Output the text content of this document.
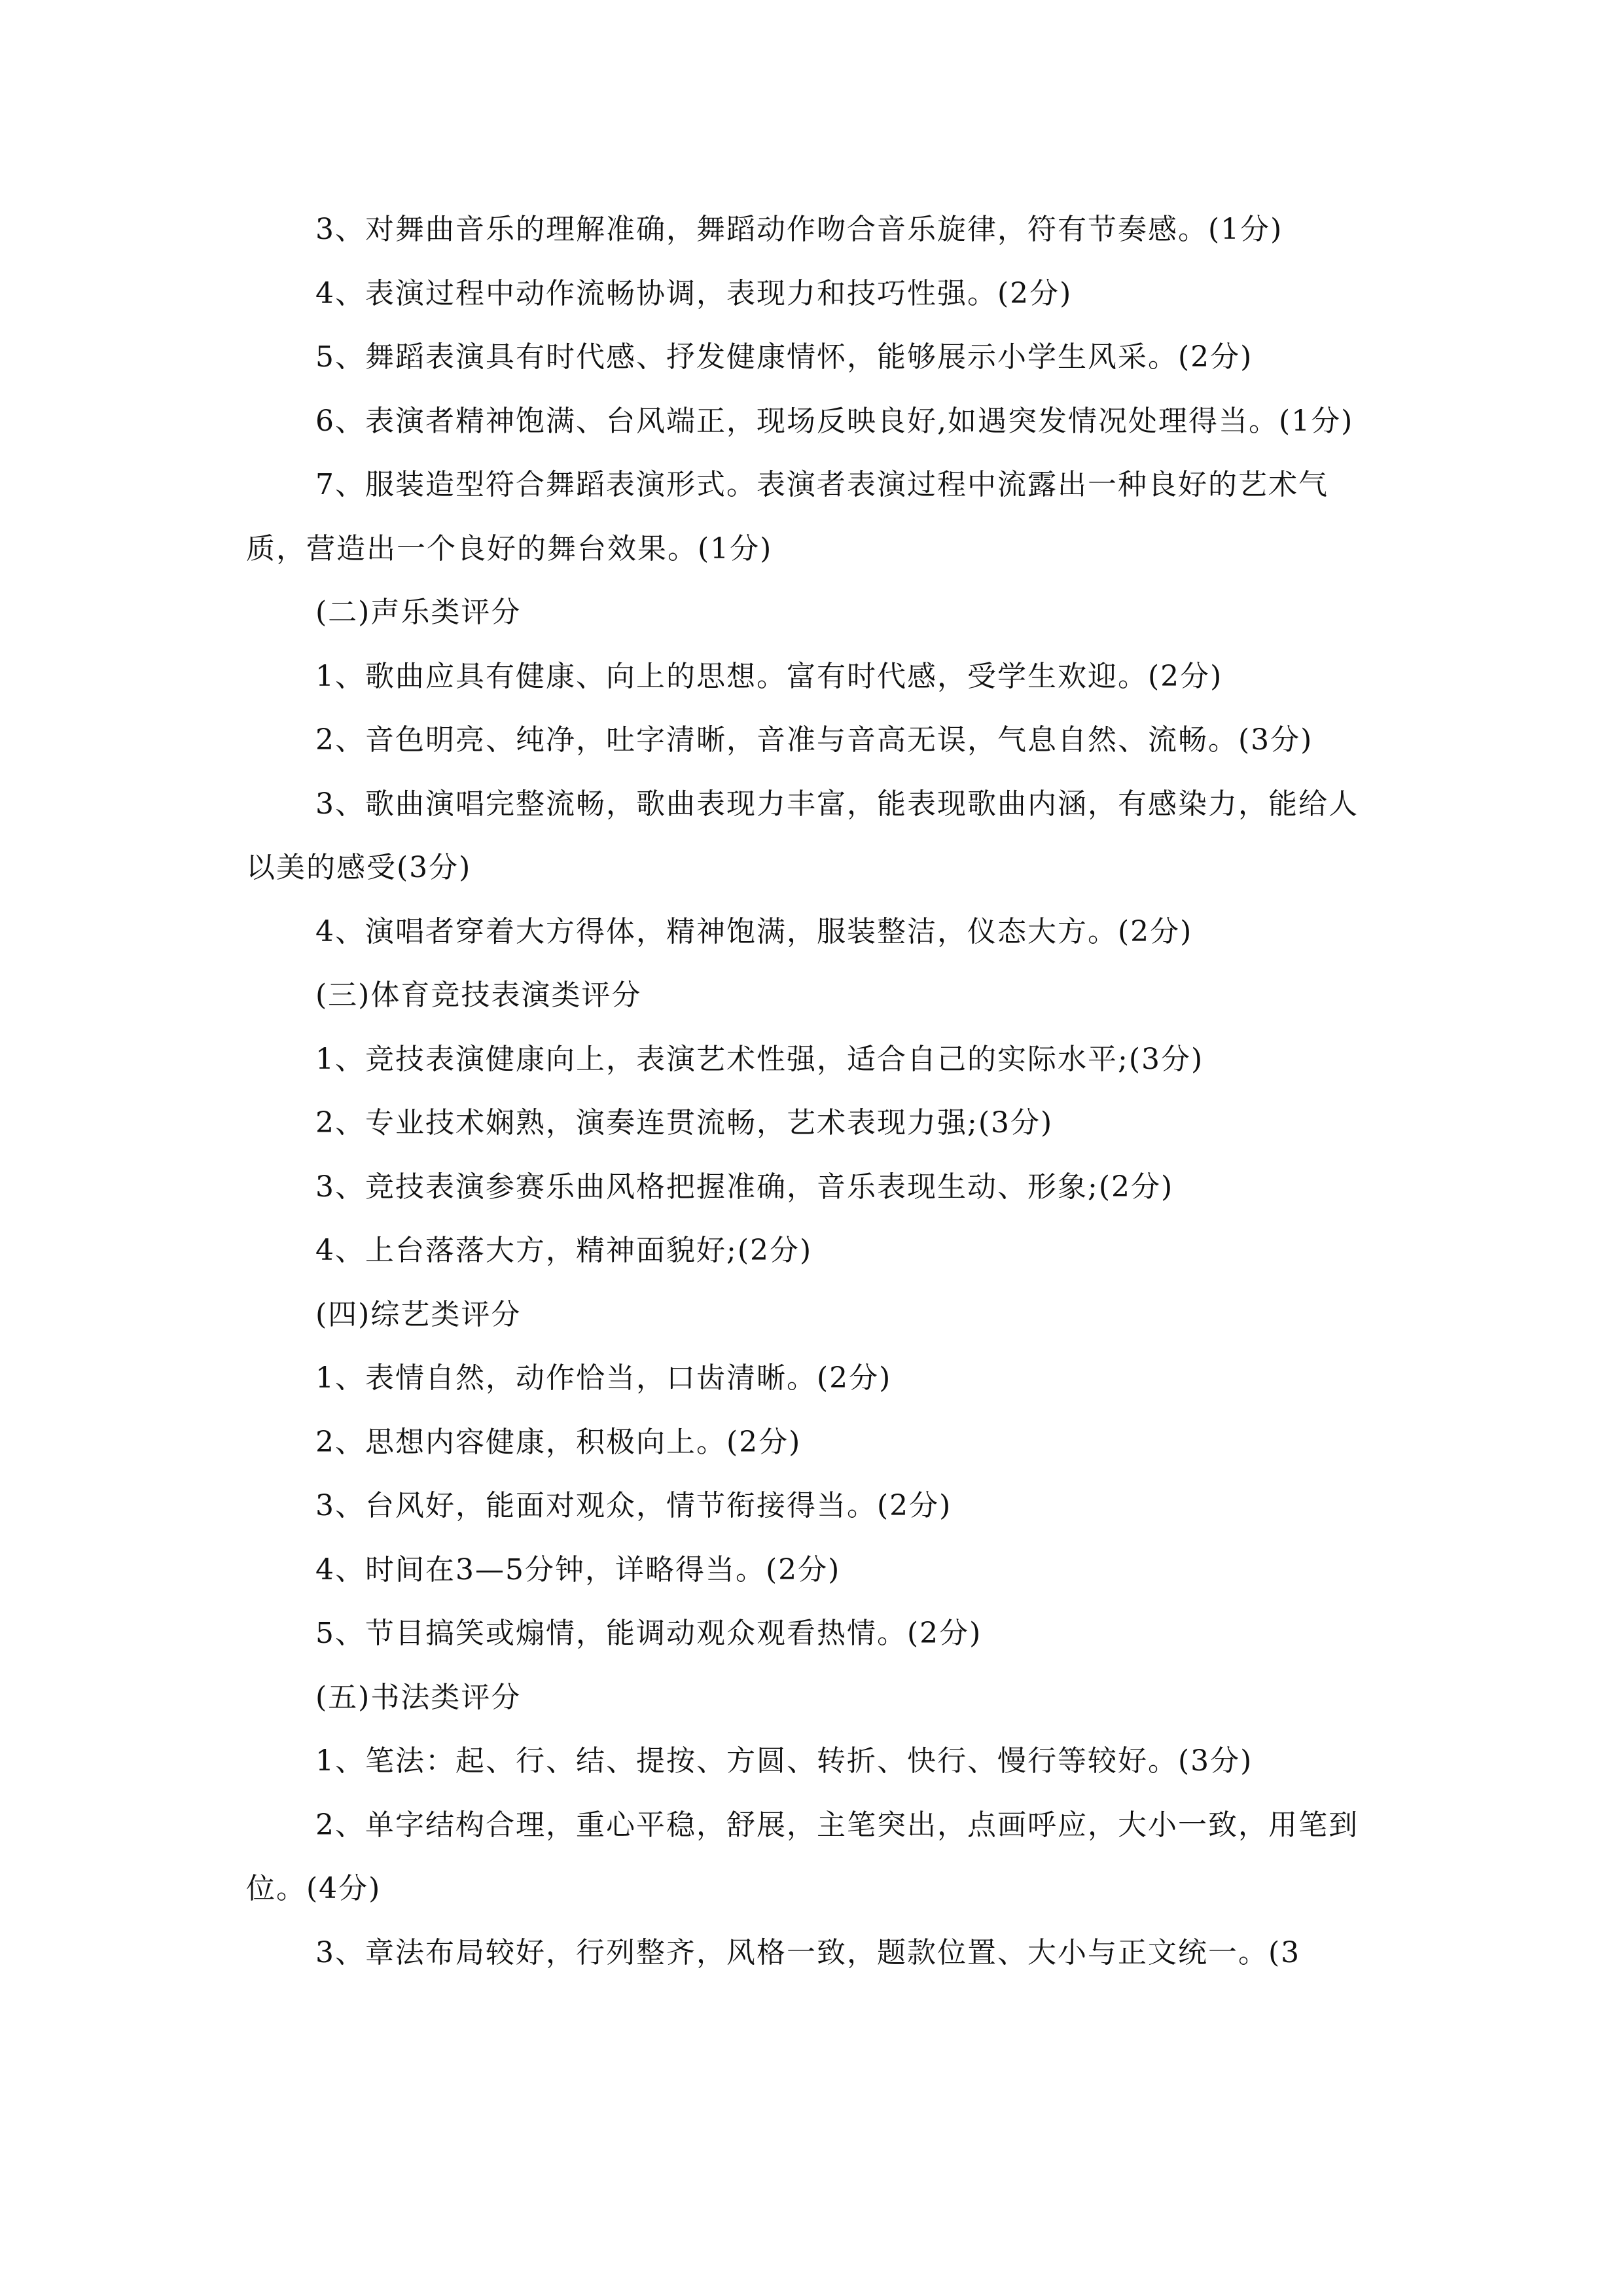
3、对舞曲音乐的理解准确，舞蹈动作吻合音乐旋律，符有节奏感。(1分)

4、表演过程中动作流畅协调，表现力和技巧性强。(2分)

5、舞蹈表演具有时代感、抒发健康情怀，能够展示小学生风采。(2分)

6、表演者精神饱满、台风端正，现场反映良好,如遇突发情况处理得当。(1分)

7、服装造型符合舞蹈表演形式。表演者表演过程中流露出一种良好的艺术气质，营造出一个良好的舞台效果。(1分)

(二)声乐类评分

1、歌曲应具有健康、向上的思想。富有时代感，受学生欢迎。(2分)

2、音色明亮、纯净，吐字清晰，音准与音高无误，气息自然、流畅。(3分)

3、歌曲演唱完整流畅，歌曲表现力丰富，能表现歌曲内涵，有感染力，能给人以美的感受(3分)

4、演唱者穿着大方得体，精神饱满，服装整洁，仪态大方。(2分)

(三)体育竞技表演类评分

1、竞技表演健康向上，表演艺术性强，适合自己的实际水平;(3分)

2、专业技术娴熟，演奏连贯流畅，艺术表现力强;(3分)

3、竞技表演参赛乐曲风格把握准确，音乐表现生动、形象;(2分)

4、上台落落大方，精神面貌好;(2分)

(四)综艺类评分

1、表情自然，动作恰当，口齿清晰。(2分)

2、思想内容健康，积极向上。(2分)

3、台风好，能面对观众，情节衔接得当。(2分)

4、时间在3—5分钟，详略得当。(2分)

5、节目搞笑或煽情，能调动观众观看热情。(2分)

(五)书法类评分

1、笔法：起、行、结、提按、方圆、转折、快行、慢行等较好。(3分)

2、单字结构合理，重心平稳，舒展，主笔突出，点画呼应，大小一致，用笔到位。(4分)

3、章法布局较好，行列整齐，风格一致，题款位置、大小与正文统一。(3
